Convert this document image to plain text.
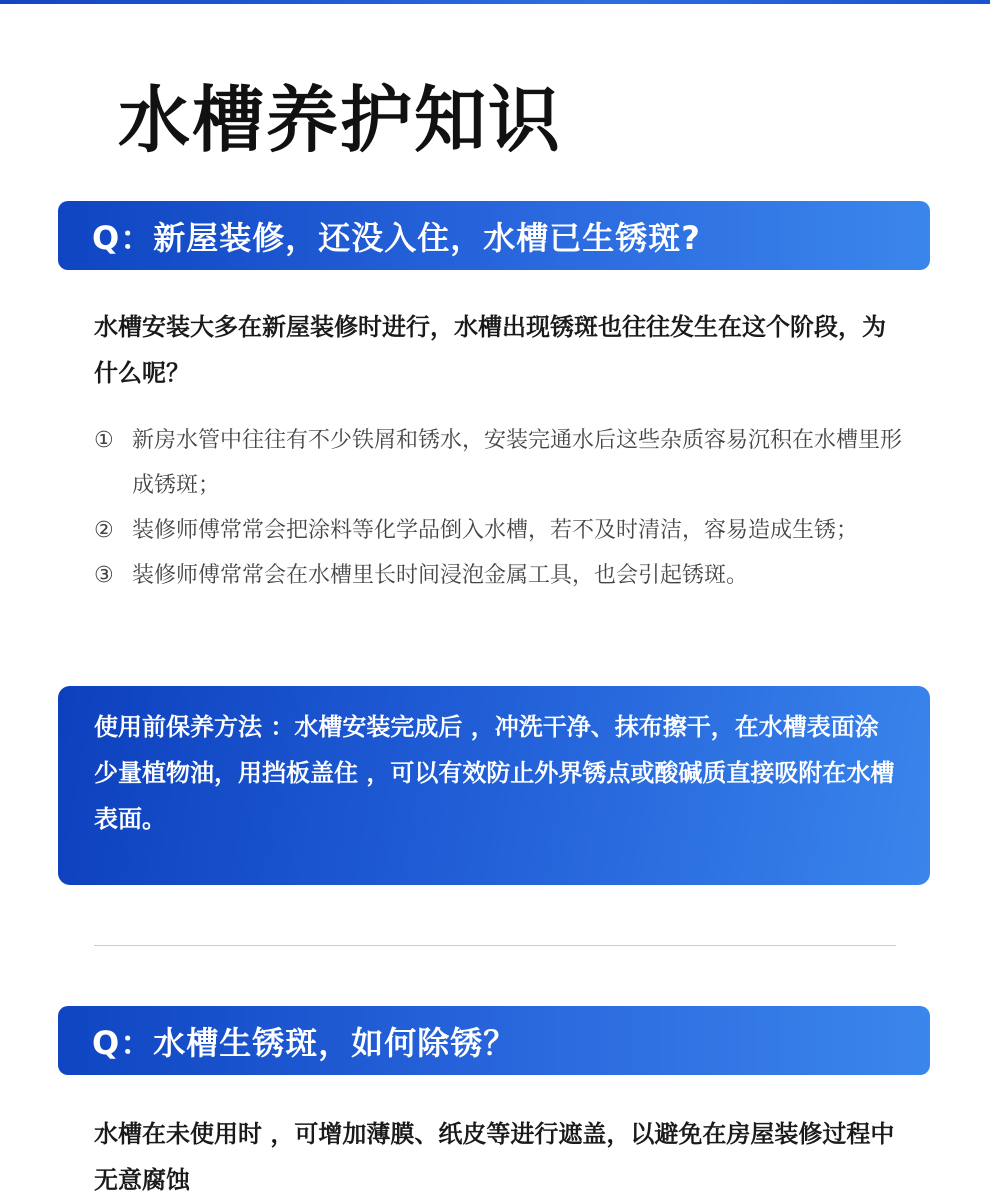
水槽养护知识
Q：新屋装修，还没入住，水槽已生锈斑?

水槽安装大多在新屋装修时进行，水槽出现锈斑也往往发生在这个阶段，为什么呢？

① 新房水管中往往有不少铁屑和锈水，安装完通水后这些杂质容易沉积在水槽里形成锈斑；
② 装修师傅常常会把涂料等化学品倒入水槽，若不及时清洁，容易造成生锈；
③ 装修师傅常常会在水槽里长时间浸泡金属工具，也会引起锈斑。

使用前保养方法 ：水槽安装完成后 ，冲洗干净、抹布擦干，在水槽表面涂少量植物油，用挡板盖住 ，可以有效防止外界锈点或酸碱质直接吸附在水槽表面。

Q：水槽生锈斑，如何除锈？

水槽在未使用时 ，可增加薄膜、纸皮等进行遮盖，以避免在房屋装修过程中无意腐蚀
